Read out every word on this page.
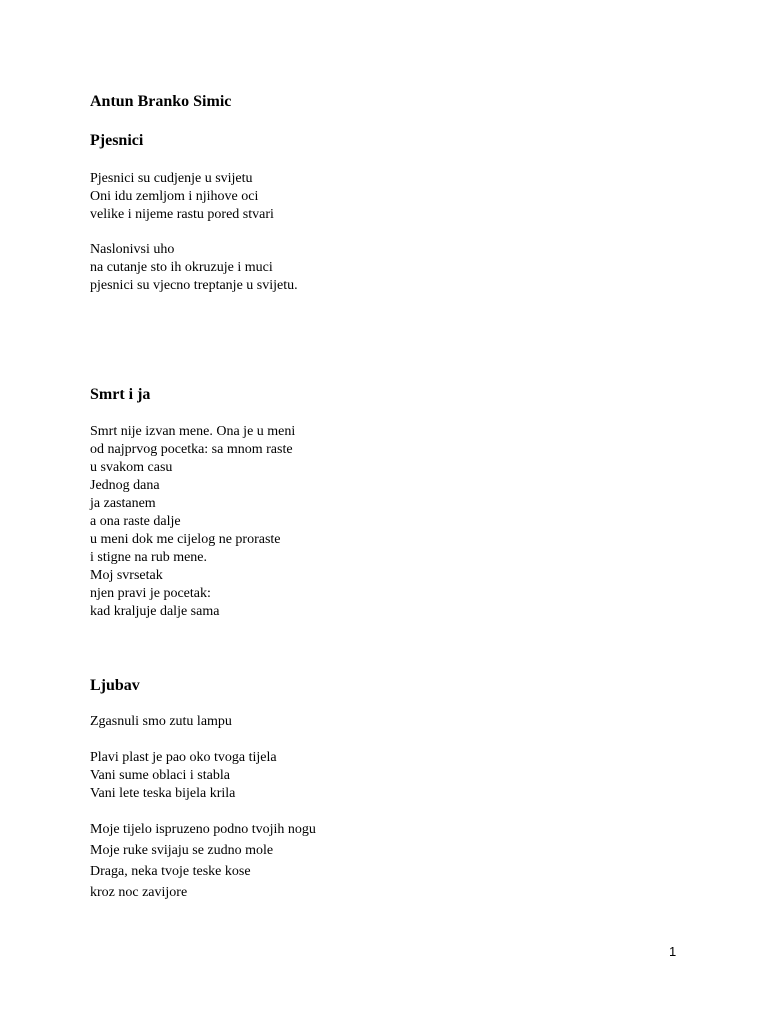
Antun Branko Simic
Pjesnici
Pjesnici su cudjenje u svijetu
Oni idu zemljom i njihove oci
velike i nijeme rastu pored stvari
Naslonivsi uho
na cutanje sto ih okruzuje i muci
pjesnici su vjecno treptanje u svijetu.
Smrt i ja
Smrt nije izvan mene. Ona je u meni
od najprvog pocetka: sa mnom raste
u svakom casu
Jednog dana
ja zastanem
a ona raste dalje
u meni dok me cijelog ne proraste
i stigne na rub mene.
Moj svrsetak
njen pravi je pocetak:
kad kraljuje dalje sama
Ljubav
Zgasnuli smo zutu lampu
Plavi plast je pao oko tvoga tijela
Vani sume oblaci i stabla
Vani lete teska bijela krila
Moje tijelo ispruzeno podno tvojih nogu
Moje ruke svijaju se zudno mole
Draga, neka tvoje teske kose
kroz noc zavijore
1
